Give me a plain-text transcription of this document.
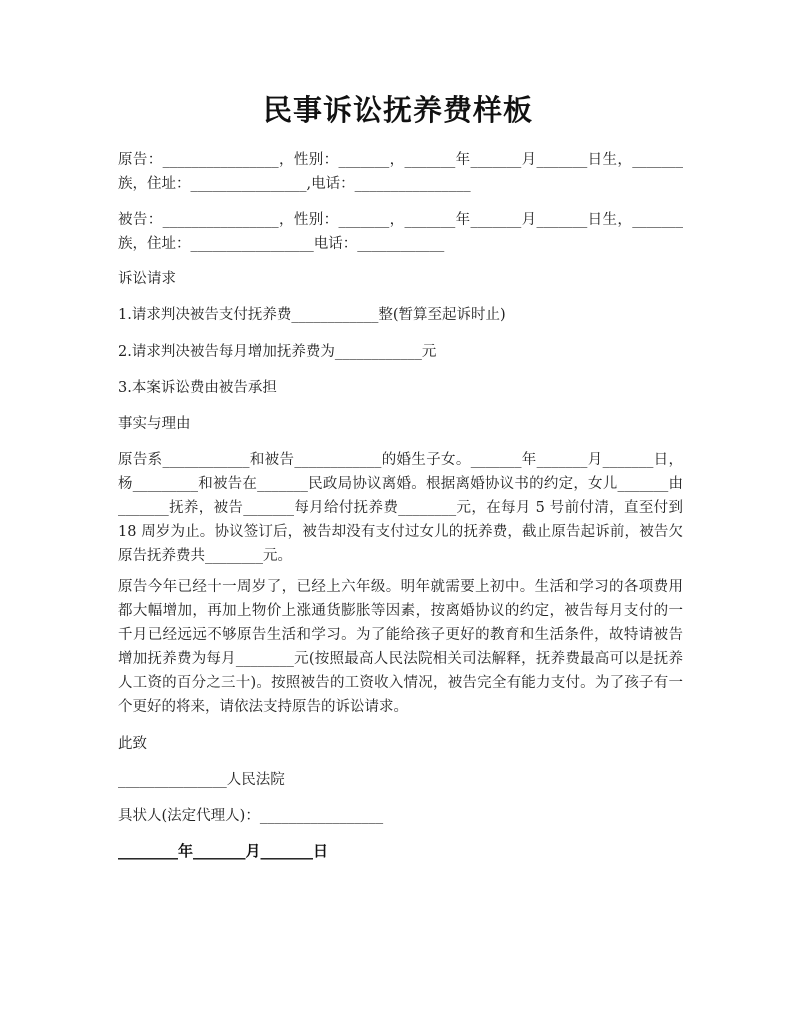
民事诉讼抚养费样板
原告：________________，性别：_______，_______年_______月_______日生，_______族，住址：________________,电话：________________
被告：________________，性别：_______，_______年_______月_______日生，_______族，住址：_________________电话：____________
诉讼请求
1.请求判决被告支付抚养费____________整(暂算至起诉时止)
2.请求判决被告每月增加抚养费为____________元
3.本案诉讼费由被告承担
事实与理由
原告系____________和被告____________的婚生子女。_______年_______月_______日，杨_________和被告在_______民政局协议离婚。根据离婚协议书的约定，女儿_______由_______抚养，被告_______每月给付抚养费________元，在每月 5 号前付清，直至付到 18 周岁为止。协议签订后，被告却没有支付过女儿的抚养费，截止原告起诉前，被告欠原告抚养费共________元。
原告今年已经十一周岁了，已经上六年级。明年就需要上初中。生活和学习的各项费用都大幅增加，再加上物价上涨通货膨胀等因素，按离婚协议的约定，被告每月支付的一千月已经远远不够原告生活和学习。为了能给孩子更好的教育和生活条件，故特请被告增加抚养费为每月________元(按照最高人民法院相关司法解释，抚养费最高可以是抚养人工资的百分之三十)。按照被告的工资收入情况，被告完全有能力支付。为了孩子有一个更好的将来，请依法支持原告的诉讼请求。
此致
_______________人民法院
具状人(法定代理人)：_________________
________年_______月_______日
